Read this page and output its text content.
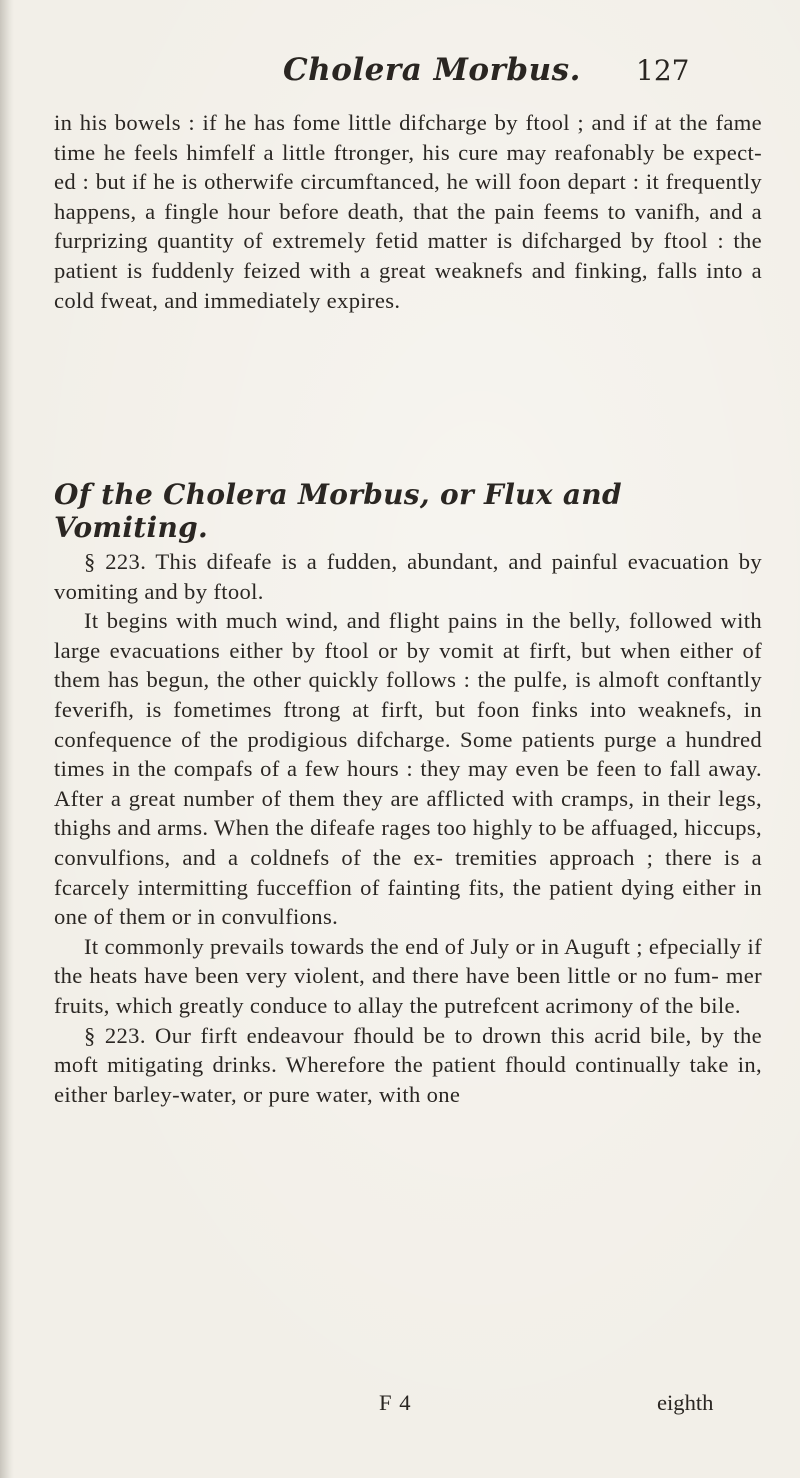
Cholera Morbus. 127

in his bowels : if he has fome little difcharge by ftool ; and if at the fame time he feels himfelf a little ftronger, his cure may reafonably be expect- ed : but if he is otherwife circumftanced, he will foon depart : it frequently happens, a fingle hour before death, that the pain feems to vanifh, and a furprizing quantity of extremely fetid matter is difcharged by ftool : the patient is fuddenly feized with a great weaknefs and finking, falls into a cold fweat, and immediately expires.

Of the Cholera Morbus, or Flux and Vomiting.

§ 223. This difeafe is a fudden, abundant, and painful evacuation by vomiting and by ftool.

It begins with much wind, and flight pains in the belly, followed with large evacuations either by ftool or by vomit at firft, but when either of them has begun, the other quickly follows : the pulfe, is almoft conftantly feverifh, is fometimes ftrong at firft, but foon finks into weaknefs, in confequence of the prodigious difcharge. Some patients purge a hundred times in the compafs of a few hours : they may even be feen to fall away. After a great number of them they are afflicted with cramps, in their legs, thighs and arms. When the difeafe rages too highly to be affuaged, hiccups, convulfions, and a coldnefs of the ex- tremities approach ; there is a fcarcely intermitting fucceffion of fainting fits, the patient dying either in one of them or in convulfions.

It commonly prevails towards the end of July or in Auguft ; efpecially if the heats have been very violent, and there have been little or no fum- mer fruits, which greatly conduce to allay the putrefcent acrimony of the bile.

§ 223. Our firft endeavour fhould be to drown this acrid bile, by the moft mitigating drinks. Wherefore the patient fhould continually take in, either barley-water, or pure water, with one

F 4	eighth
